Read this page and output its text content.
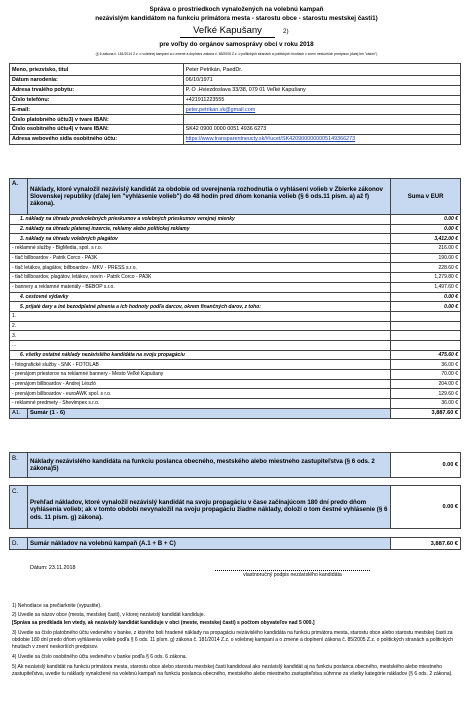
Správa o prostriedkoch vynaložených na volebnú kampaň
nezávislým kandidátom na funkciu primátora mesta - starostu obce - starostu mestskej časti1)
Veľké Kapušany	2)
pre voľby do orgánov samosprávy obcí v roku 2018
(§ 6 zákona č. 181/2014 Z.z. o volebnej kampani a o zmene a doplnení zákona č. 85/2005 Z.z. o politických stranách a politických hnutiach v znení neskorších predpisov (ďalej len "zákon")
Meno, priezvisko, titul	Peter Petrikán, PaedDr.
Dátum narodenia:	06/10/1971
Adresa trvalého pobytu:	P. O .Hviezdoslava 33/38, 079 01 Veľké Kapušany
Číslo telefónu:	+421911223555
E-mail:	peter.petrikan.vk@gmail.com
Číslo platobného účtu3) v tvare IBAN:	
Číslo osobitného účtu4) v tvare IBAN:	SK42 0900 0000 0051 4936 6273
Adresa webového sídla osobitného účtu:	https://www.transparentneucty.sk/#/ucet/SK4209000000005149366273
A.	Náklady, ktoré vynaložil nezávislý kandidát za obdobie od uverejnenia rozhodnutia o vyhlásení volieb v Zbierke zákonov Slovenskej republiky (ďalej len "vyhlásenie volieb") do 48 hodín pred dňom konania volieb (§ 6 ods.11 písm. a) až f) zákona).	Suma v EUR
1. náklady na úhradu predvolebných prieskumov a volebných prieskumov verejnej mienky		0.00 €
2. náklady na úhradu platenej inzercie, reklamy alebo politickej reklamy		0.00 €
3. náklady na úhradu volebných plagátov		3,412.00 €
- reklamné služby - BigMedia, spol. s r.o.		216.00 €
- tlač billboardov - Patrik Corco - PA3K		190.00 €
- tlač letákov, plagátov, billboardov - MKV - PRESS s.r.o.		228.60 €
- tlač billboardov, plagátov, letákov, novín - Patrik Corco - PA3K		1,279.80 €
- bannery a reklamné materiály - BEBOP s.r.o.		1,497.60 €
4. cestovné výdavky		0.00 €
5. prijaté dary a iné bezodplatné plnenia a ich hodnoty podľa darcov, okrem finančných darov, z toho:		0.00 €
1.		
2.		
3.		
...		
6. všetky ostatné náklady nezávislého kandidáta na svoju propagáciu		475.60 €
- fotografické služby - SNK - FOTOLAB		36.00 €
- prenájom priestorov na reklamné bannery - Mesto Veľké Kapušany		70.00 €
- prenájom billboardov - Andrej Lészló		204.00 €
- prenájom billboardov - euroAWK spol. s r.o.		129.60 €
- reklamné predmety - Shevimpex s.r.o.		36.00 €
A1.	Sumár (1 - 6)	3,887.60 €
B.	Náklady nezávislého kandidáta na funkciu poslanca obecného, mestského alebo miestneho zastupiteľstva (§ 6 ods. 2 zákona)5)	0.00 €
C.	Prehľad nákladov, ktoré vynaložil nezávislý kandidát na svoju propagáciu v čase začínajúcom 180 dní predo dňom vyhlásenia volieb; ak v tomto období nevynaložil na svoju propagáciu žiadne náklady, doloží o tom čestné vyhlásenie (§ 6 ods. 11 písm. g) zákona).	0.00 €
D.	Sumár nákladov na volebnú kampaň (A.1 + B + C)	3,887.60 €
Dátum: 23.11.2018
vlastnoručný podpis nezávislého kandidáta
1) Nehodiace sa prečiarknite (vypustite).
2) Uvedie sa názov obce (mesta, mestskej časti), v ktorej nezávislý kandidát kandiduje.
[Správa sa predkladá len vtedy, ak nezávislý kandidát kandiduje v obci (meste, mestskej časti) s počtom obyvateľov nad 5 000.]
3) Uvedie sa číslo platobného účtu vedeného v banke, z ktorého boli hradené náklady na propagáciu nezávislého kandidáta na funkciu primátora mesta, starostu obce alebo starostu mestskej časti za obdobie 180 dní predo dňom vyhlásenia volieb podľa § 6 ods. 11 písm. g) zákona č. 181/2014 Z.z. o volebnej kampani a o zmene a doplnení zákona č. 85/2005 Z.z. o politických stranách a politických hnutiach v znení neskorších predpisov.
4) Uvedie sa číslo osobitného účtu vedeného v banke podľa § 6 ods. 6 zákona.
5) Ak nezávislý kandidát na funkciu primátora mesta, starostu obce alebo starostu mestskej časti kandidoval ako nezávislý kandidát aj na funkciu poslanca obecného, mestského alebo miestneho zastupiteľstva, uvedie tu náklady vynaložené na volebnú kampaň na funkciu poslanca obecného, mestského alebo miestneho zastupiteľstva súhrnne za všetky kategórie nákladov (§ 6 ods. 2 zákona).
